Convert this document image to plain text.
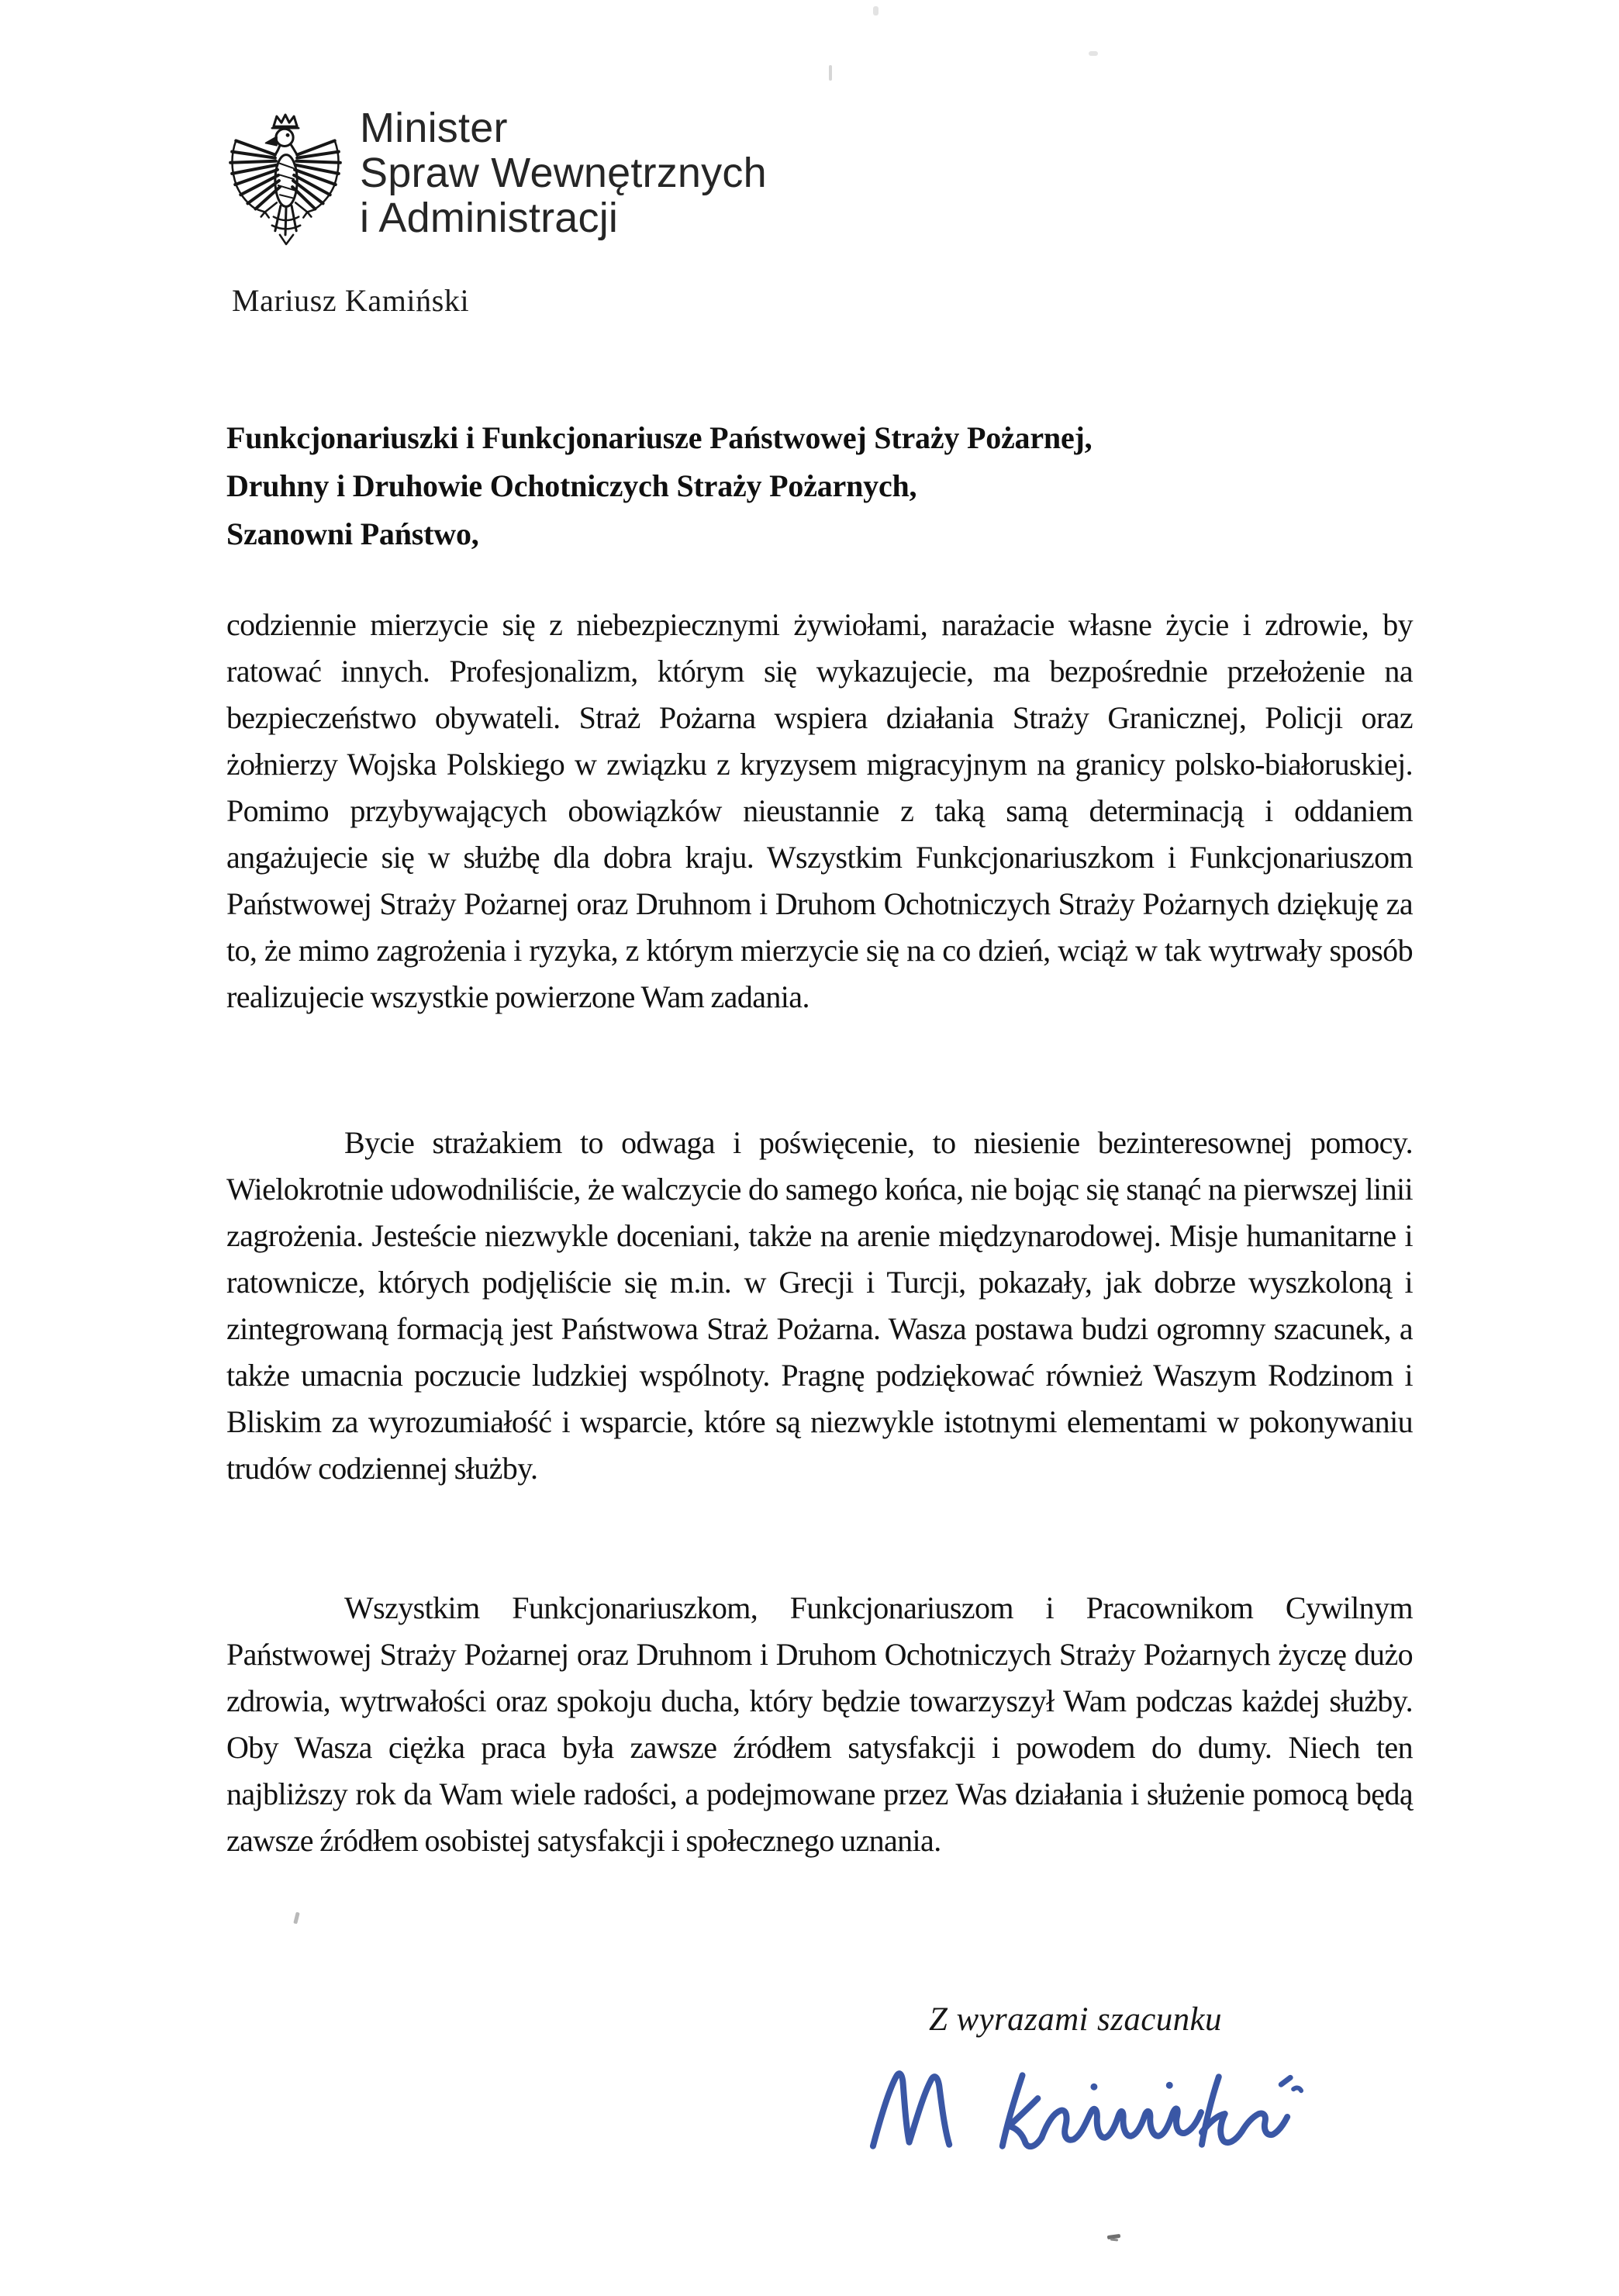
Minister
Spraw Wewnętrznych
i Administracji
Mariusz Kamiński
Funkcjonariuszki i Funkcjonariusze Państwowej Straży Pożarnej,
Druhny i Druhowie Ochotniczych Straży Pożarnych,
Szanowni Państwo,
codziennie mierzycie się z niebezpiecznymi żywiołami, narażacie własne życie i zdrowie, by ratować innych. Profesjonalizm, którym się wykazujecie, ma bezpośrednie przełożenie na bezpieczeństwo obywateli. Straż Pożarna wspiera działania Straży Granicznej, Policji oraz żołnierzy Wojska Polskiego w związku z kryzysem migracyjnym na granicy polsko-białoruskiej. Pomimo przybywających obowiązków nieustannie z taką samą determinacją i oddaniem angażujecie się w służbę dla dobra kraju. Wszystkim Funkcjonariuszkom i Funkcjonariuszom Państwowej Straży Pożarnej oraz Druhnom i Druhom Ochotniczych Straży Pożarnych dziękuję za to, że mimo zagrożenia i ryzyka, z którym mierzycie się na co dzień, wciąż w tak wytrwały sposób realizujecie wszystkie powierzone Wam zadania.
Bycie strażakiem to odwaga i poświęcenie, to niesienie bezinteresownej pomocy. Wielokrotnie udowodniliście, że walczycie do samego końca, nie bojąc się stanąć na pierwszej linii zagrożenia. Jesteście niezwykle doceniani, także na arenie międzynarodowej. Misje humanitarne i ratownicze, których podjęliście się m.in. w Grecji i Turcji, pokazały, jak dobrze wyszkoloną i zintegrowaną formacją jest Państwowa Straż Pożarna. Wasza postawa budzi ogromny szacunek, a także umacnia poczucie ludzkiej wspólnoty. Pragnę podziękować również Waszym Rodzinom i Bliskim za wyrozumiałość i wsparcie, które są niezwykle istotnymi elementami w pokonywaniu trudów codziennej służby.
Wszystkim Funkcjonariuszkom, Funkcjonariuszom i Pracownikom Cywilnym Państwowej Straży Pożarnej oraz Druhnom i Druhom Ochotniczych Straży Pożarnych życzę dużo zdrowia, wytrwałości oraz spokoju ducha, który będzie towarzyszył Wam podczas każdej służby. Oby Wasza ciężka praca była zawsze źródłem satysfakcji i powodem do dumy. Niech ten najbliższy rok da Wam wiele radości, a podejmowane przez Was działania i służenie pomocą będą zawsze źródłem osobistej satysfakcji i społecznego uznania.
Z wyrazami szacunku
